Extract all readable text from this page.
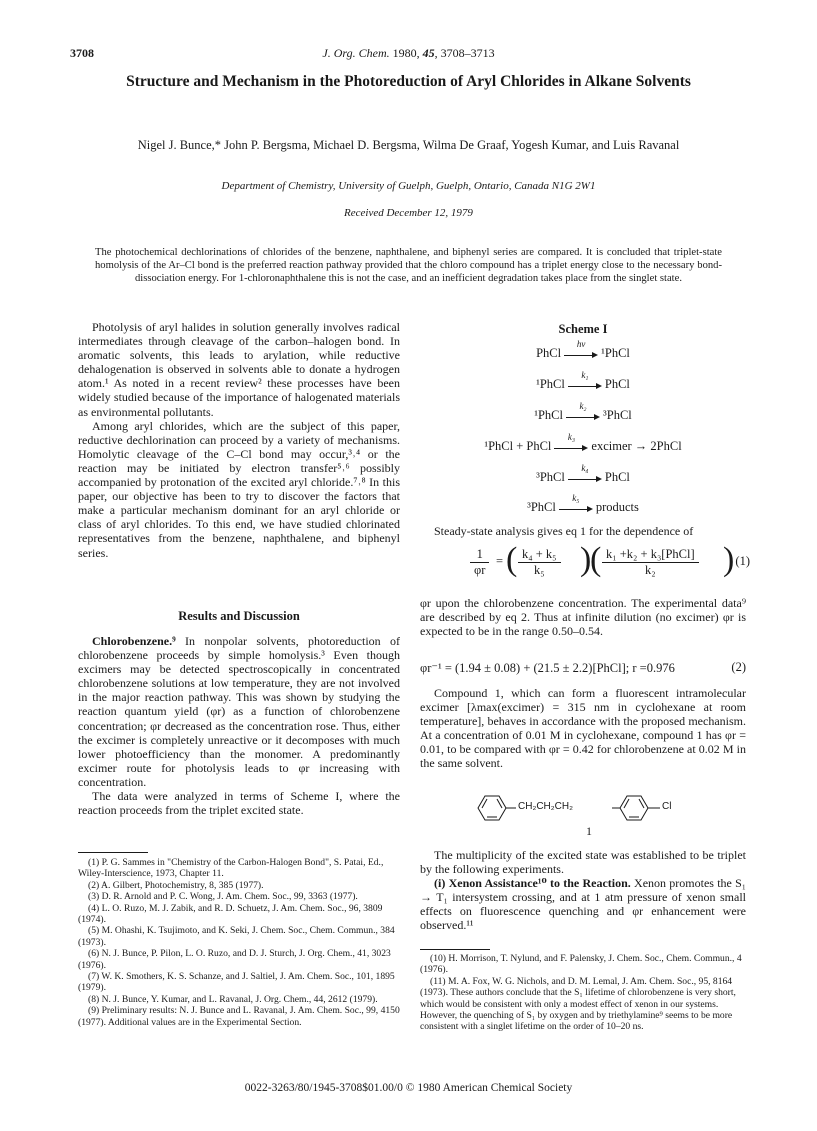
3708	J. Org. Chem. 1980, 45, 3708–3713
Structure and Mechanism in the Photoreduction of Aryl Chlorides in Alkane Solvents
Nigel J. Bunce,* John P. Bergsma, Michael D. Bergsma, Wilma De Graaf, Yogesh Kumar, and Luis Ravanal
Department of Chemistry, University of Guelph, Guelph, Ontario, Canada N1G 2W1
Received December 12, 1979
The photochemical dechlorinations of chlorides of the benzene, naphthalene, and biphenyl series are compared. It is concluded that triplet-state homolysis of the Ar–Cl bond is the preferred reaction pathway provided that the chloro compound has a triplet energy close to the necessary bond-dissociation energy. For 1-chloronaphthalene this is not the case, and an inefficient degradation takes place from the singlet state.

Photolysis of aryl halides in solution generally involves radical intermediates through cleavage of the carbon–halogen bond. In aromatic solvents, this leads to arylation, while reductive dehalogenation is observed in solvents able to donate a hydrogen atom.¹ As noted in a recent review² these processes have been widely studied because of the importance of halogenated materials as environmental pollutants.

Among aryl chlorides, which are the subject of this paper, reductive dechlorination can proceed by a variety of mechanisms. Homolytic cleavage of the C–Cl bond may occur,³˒⁴ or the reaction may be initiated by electron transfer⁵˒⁶ possibly accompanied by protonation of the excited aryl chloride.⁷˒⁸ In this paper, our objective has been to try to discover the factors that make a particular mechanism dominant for an aryl chloride or class of aryl chlorides. To this end, we have studied chlorinated representatives from the benzene, naphthalene, and biphenyl series.

Results and Discussion

Chlorobenzene.⁹ In nonpolar solvents, photoreduction of chlorobenzene proceeds by simple homolysis.³ Even though excimers may be detected spectroscopically in concentrated chlorobenzene solutions at low temperature, they are not involved in the major reaction pathway. This was shown by studying the reaction quantum yield (φr) as a function of chlorobenzene concentration; φr decreased as the concentration rose. Thus, either the excimer is completely unreactive or it decomposes with much lower photoefficiency than the monomer. A predominantly excimer route for photolysis leads to φr increasing with concentration.

The data were analyzed in terms of Scheme I, where the reaction proceeds from the triplet excited state.

(1) P. G. Sammes in "Chemistry of the Carbon-Halogen Bond", S. Patai, Ed., Wiley-Interscience, 1973, Chapter 11.
(2) A. Gilbert, Photochemistry, 8, 385 (1977).
(3) D. R. Arnold and P. C. Wong, J. Am. Chem. Soc., 99, 3363 (1977).
(4) L. O. Ruzo, M. J. Zabik, and R. D. Schuetz, J. Am. Chem. Soc., 96, 3809 (1974).
(5) M. Ohashi, K. Tsujimoto, and K. Seki, J. Chem. Soc., Chem. Commun., 384 (1973).
(6) N. J. Bunce, P. Pilon, L. O. Ruzo, and D. J. Sturch, J. Org. Chem., 41, 3023 (1976).
(7) W. K. Smothers, K. S. Schanze, and J. Saltiel, J. Am. Chem. Soc., 101, 1895 (1979).
(8) N. J. Bunce, Y. Kumar, and L. Ravanal, J. Org. Chem., 44, 2612 (1979).
(9) Preliminary results: N. J. Bunce and L. Ravanal, J. Am. Chem. Soc., 99, 4150 (1977). Additional values are in the Experimental Section.
Scheme I
PhCl
hν
¹PhCl
¹PhCl
k₁
PhCl
¹PhCl
k₂
³PhCl
¹PhCl + PhCl
k₃
excimer → 2PhCl
³PhCl
k₄
PhCl
³PhCl
k₅
products

Steady-state analysis gives eq 1 for the dependence of

$\frac{1}{\varphi r}$ = ( $\frac{\text{k₄ + k₅}}{\text{k₅}}$ )
( k₁ +k₂ + k₃[PhCl]
k₂	) (1)

φr upon the chlorobenzene concentration. The experimental data⁹ are described by eq 2. Thus at infinite dilution (no excimer) φr is expected to be in the range 0.50–0.54.

φr⁻¹ = (1.94 ± 0.08) + (21.5 ± 2.2)[PhCl]; r =0.976	(2)

Compound 1, which can form a fluorescent intramolecular excimer [λmax(excimer) = 315 nm in cyclohexane at room temperature], behaves in accordance with the proposed mechanism. At a concentration of 0.01 M in cyclohexane, compound 1 has φr = 0.01, to be compared with φr = 0.42 for chlorobenzene at 0.02 M in the same solvent.

CH₂CH₂CH₂	Cl
1

The multiplicity of the excited state was established to be triplet by the following experiments.

(i) Xenon Assistance¹⁰ to the Reaction. Xenon promotes the S₁ → T₁ intersystem crossing, and at 1 atm pressure of xenon small effects on fluorescence quenching and φr enhancement were observed.¹¹

(10) H. Morrison, T. Nylund, and F. Palensky, J. Chem. Soc., Chem. Commun., 4 (1976).
(11) M. A. Fox, W. G. Nichols, and D. M. Lemal, J. Am. Chem. Soc., 95, 8164 (1973). These authors conclude that the S₁ lifetime of chlorobenzene is very short, which would be consistent with only a modest effect of xenon in our systems. However, the quenching of S₁ by oxygen and by triethylamine⁹ seems to be more consistent with a singlet lifetime on the order of 10–20 ns.
0022-3263/80/1945-3708$01.00/0 © 1980 American Chemical Society
